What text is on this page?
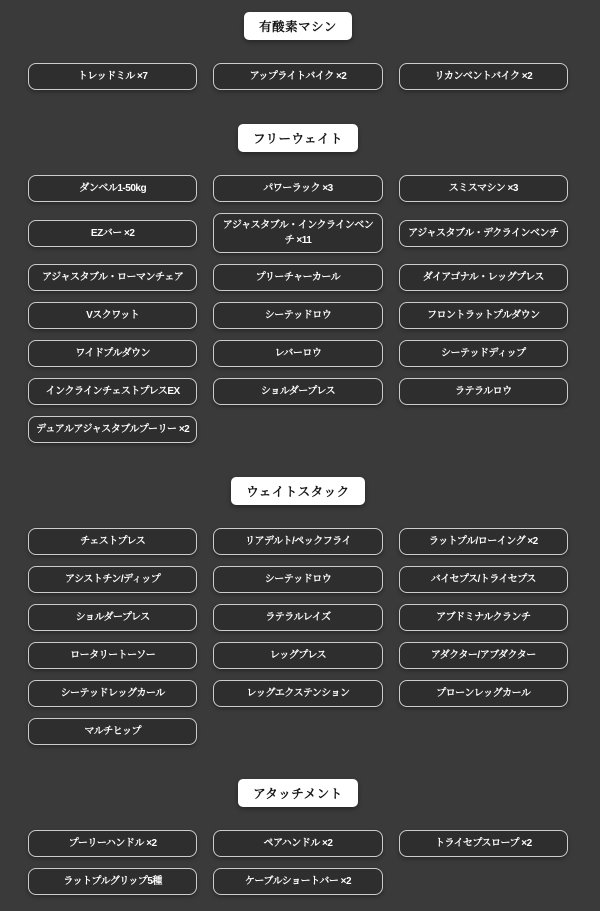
有酸素マシン
トレッドミル ×7	アップライトバイク ×2	リカンベントバイク ×2
フリーウェイト
ダンベル1-50kg	パワーラック ×3	スミスマシン ×3
EZバー ×2
アジャスタブル・インクラインベンチ ×11
アジャスタブル・デクラインベンチ
アジャスタブル・ローマンチェア	プリーチャーカール	ダイアゴナル・レッグプレス
Vスクワット	シーテッドロウ	フロントラットプルダウン
ワイドプルダウン	レバーロウ	シーテッドディップ
インクラインチェストプレスEX	ショルダープレス	ラテラルロウ
デュアルアジャスタブルプーリー ×2
ウェイトスタック
チェストプレス	リアデルト/ペックフライ	ラットプル/ローイング ×2
アシストチン/ディップ	シーテッドロウ	バイセプス/トライセプス
ショルダープレス	ラテラルレイズ	アブドミナルクランチ
ロータリートーソー	レッグプレス	アダクター/アブダクター
シーテッドレッグカール	レッグエクステンション	プローンレッグカール
マルチヒップ
アタッチメント
プーリーハンドル ×2	ペアハンドル ×2	トライセプスロープ ×2
ラットプルグリップ5種	ケーブルショートバー ×2
